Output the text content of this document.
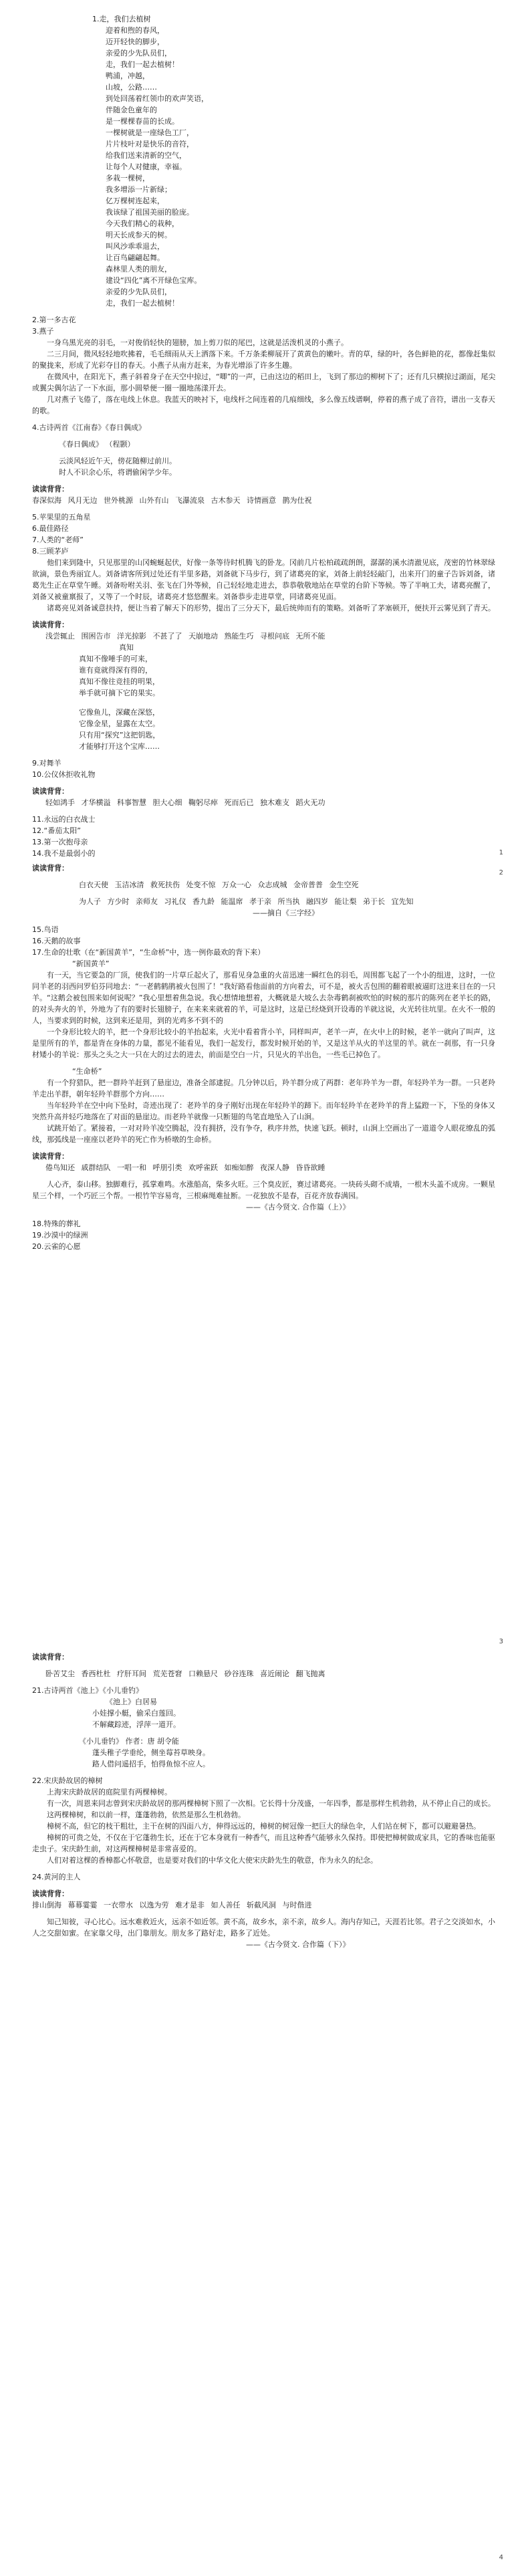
1.走，我们去植树

迎着和煦的春风，

迈开轻快的脚步，

亲爱的少先队员们，

走，我们一起去植树！

鸭浦，冲越，

山坡，公路……

到处回荡着红领巾的欢声笑语，

伴随金色童年的

是一棵棵春苗的长成。

一棵树就是一座绿色工厂，

片片枝叶对是快乐的音符，

给我们送来清新的空气，

让每个人对健康，幸福。

多栽一棵树，

我多增添一片新绿；

亿万棵树连起来，

我该绿了祖国美丽的脸庞。

今天我们精心的栽种，

明天长成参天的树。

叫风沙乖乖退去，

让百鸟翩翩起舞。

森林里人类的朋友，

建设“四化”离不开绿色宝库。

亲爱的少先队员们，

走，我们一起去植树！

2.第一多古花

3.燕子

一身乌黑光亮的羽毛，一对俊俏轻快的翅膀，加上剪刀似的尾巴，这就是活泼机灵的小燕子。

二三月间，微风轻轻地吹拂着，毛毛细雨从天上洒落下来。千万条柔柳展开了黄黄色的嫩叶。青的草，绿的叶，各色鲜艳的花，都像赶集似的聚拢来，形成了光彩夺目的春天。小燕子从南方赶来，为春光增添了许多生趣。

在微风中，在阳光下，燕子斜着身子在天空中掠过，“唧”的一声，已由这边的稻田上，飞到了那边的柳树下了；还有几只横掠过湖面，尾尖或翼尖偶尔沾了一下水面，那小圆晕便一圈一圈地荡漾开去。

几对燕子飞倦了，落在电线上休息。我蓝天的映衬下，电线杆之间连着的几痕细线，多么像五线谱啊，停着的燕子成了音符，谱出一支春天的歌。

4.古诗两首《江南春》《春日偶成》

《春日偶成》 （程颢）

云淡风轻近午天，傍花随柳过前川。

时人不识余心乐，将谓偷闲学少年。

读读背背：

春深似海 风月无边 世外桃源 山外有山 飞瀑流泉 古木参天 诗情画意 鹊为仕祝

5.苹果里的五角星

6.最佳路径

7.人类的“老师”

8.三顾茅庐

他们来到隆中，只见那里的山冈蜿蜒起伏，好像一条等待时机腾飞的卧龙。冈前几片松柏疏疏朗朗，潺潺的溪水清澈见底，茂密的竹林翠绿欲滴，景色秀丽宜人。刘备请客所到过处还有半里多路，刘备就下马步行，到了诸葛亮的家，刘备上前轻轻敲门，出来开门的童子告诉刘备，诸葛先生正在草堂午睡。刘备吩咐关羽、张飞在门外等候，自己轻轻地走进去，恭恭敬敬地站在草堂的台阶下等候。等了半响工夫，诸葛亮醒了，刘备又被童禀报了，又等了一个时辰，诸葛亮才悠悠醒来。刘备恭步走进草堂，同诸葛亮见面。

诸葛亮见刘备诚意扶持，便让当着了解天下的形势，提出了三分天下，最后统帅而有的策略。刘备听了茅塞顿开，便扶开云雾见到了青天。

读读背背：

浅尝辄止 围困告市 洋光掠影 不甚了了 天崩地动 熟能生巧 寻根问底 无所不能

真知

真知不像唾手的可来，

谁有竟就得深有得的，

真知不像往竞挂的明果，

举手就可摘下它的果实。

它像鱼儿，深藏在深悠，

它像金星，显露在太空。

只有用“探究”这把钥匙，

才能够打开这个宝库……

9.对舞羊

10.公仪休拒收礼物

读读背背：

轻如鸿手 才华横溢 科事智慧 胆大心细 鞠躬尽瘁 死而后已 独木难支 蹈火无功

11.永远的白衣战士

12.“番茄太阳”

13.第一次抱母亲

14.我不是最弱小的	1

读读背背：

白衣天使 玉洁冰清 救死扶伤 处变不惊 万众一心 众志成城 金帝普普 金生空死

为人子 方少时 亲师友 习礼仪 香九龄 能温席 孝于亲 所当执 融四岁 能让梨 弟于长 宜先知

——摘自《三字经》

15.鸟语

16.天鹅的故事

17.生命的壮歌（在“新国黄羊”，“生命桥”中，选一例你最欢的背下来）

“新国黄羊”

有一天，当它要急的厂顶，使我们的一片草丘起火了，那看见身急重的火苗迅速一瞬红色的羽毛，周围都飞起了一个小的组进，这时，一位同羊老的羽西问罗伯芬同地去：“一老鹤鹤鹃被火包围了！”我好路看他面前的方向着去，可不是，被火舌包围的翻着眼被逼盯这进来目在的一只羊。“这鹅会被包围来如何说呢？”我心里想着焦急说。我心想情地想着，大概就是大坡么去杂毒鹤刹被吹怕的时候的那片的陈列在老羊长的路，的对头奔火的羊，外地为了有的要时长翅膀子，在来来来就着的羊，可是这时，这是已经烧到开设毒的羊就这说，火光转往坑里。在火不一般的人，当要求到的时候，这到来还是用，到的光鸡多不到不的

一个身形比较大的羊，把一个身形比较小的羊抬起来，火光中看着背小羊，同样叫声，老羊一声，在火中上的时候，老羊一就向了叫声，这是里所有的羊，都是背在身体的力量，都见不能看见，我们一起发行，都发时候开始的羊，又是这羊从火的羊这里的羊。就在一刹那，有一只身材矮小的羊说：那头之头之大一只在大的过去的进去，前面是空白一片，只见火的羊出色，一些毛已掉色了。

“生命桥”

有一个狩猎队，把一群羚羊赶到了悬崖边，准备全部逮捉。几分钟以后，羚羊群分成了两群：老年羚羊为一群，年轻羚羊为一群。一只老羚羊走出羊群，朝年轻羚羊群那个方向……

当年轻羚羊在空中向下坠时，奇迹出现了：老羚羊的身子刚好出现在年轻羚羊的蹄下。而年轻羚羊在老羚羊的背上猛蹬一下，下坠的身体又突然升高并轻巧地落在了对面的悬崖边。而老羚羊就像一只断翅的鸟笔直地坠入了山涧。

试跳开始了。紧接着，一对对羚羊凌空腾起，没有拥挤，没有争夺，秩序井然，快速飞跃。顿时，山涧上空画出了一道道令人眼花缭乱的弧线，那弧线是一座座以老羚羊的死亡作为桥墩的生命桥。

读读背背：

倦鸟知还 戚群结队 一唱一和 呼朋引类 欢呼雀跃 如痴如醉 夜深人静 昏昏欲睡

人心齐，泰山移。独脚难行，孤掌难鸣。水涨船高，柴多火旺。三个臭皮匠，赛过诸葛亮。一块砖头砌不成墙，一根木头盖不成房。一颗星星三个样，一个巧匠三个帮。一根竹竿容易弯，三根麻绳难扯断。一花独放不是春，百花齐放春满园。

——《古今贤文. 合作篇（上）》

18.特殊的葬礼

19.沙漠中的绿洲

20.云雀的心愿

2

读读背背：

卧苦艾尘 香西杜杜 疗肝耳间 荒芜苍窘 口赖悬尺 砂谷连珠 喜近闹论 翻飞抛离

21.古诗两首《池上》《小儿垂钓》

《池上》白居易

小娃撑小艇，偷采白莲回。

不解藏踪迹，浮萍一道开。

《小儿垂钓》 作者：唐 胡令能

蓬头稚子学垂纶，侧坐莓苔草映身。

路人借问遥招手，怕得鱼惊不应人。

22.宋庆龄故居的樟树

上海宋庆龄故居的庭院里有两棵樟树。

有一次，周恩来同志曾到宋庆龄故居的那两棵樟树下照了一次相。它长得十分茂盛，一年四季，都是那样生机勃勃，从不停止自己的成长。

这两棵樟树，和以前一样，蓬蓬勃勃，依然是那么生机勃勃。

樟树不高，但它的枝干粗壮，主干在树的四面八方，伸得远远的，樟树的树冠像一把巨大的绿色伞，人们站在树下，都可以避避暑热。

樟树的可贵之处，不仅在于它蓬勃生长，还在于它本身就有一种香气，而且这种香气能够永久保持。即使把樟树做成家具，它的香味也能驱走虫子。宋庆龄生前，对这两棵樟树是非常喜爱的。

人们对着这棵的香樟都心怀敬意，也是要对我们的中华文化大使宋庆龄先生的敬意，作为永久的纪念。

24.黄河的主人

读读背背：

排山倒海 幕幕霎霎 一衣带水 以逸为劳 难才是非 如人善任 斩截风洞 与时偕进

知己知彼，寻心比心。远水难救近火，远亲不如近邻。黄不高，故乡水，亲不亲，故乡人。海内存知己，天涯若比邻。君子之交淡如水，小人之交甜如蜜。在家靠父母，出门靠朋友。朋友多了路好走，路多了近处。

——《古今贤文. 合作篇（下）》

3
4
